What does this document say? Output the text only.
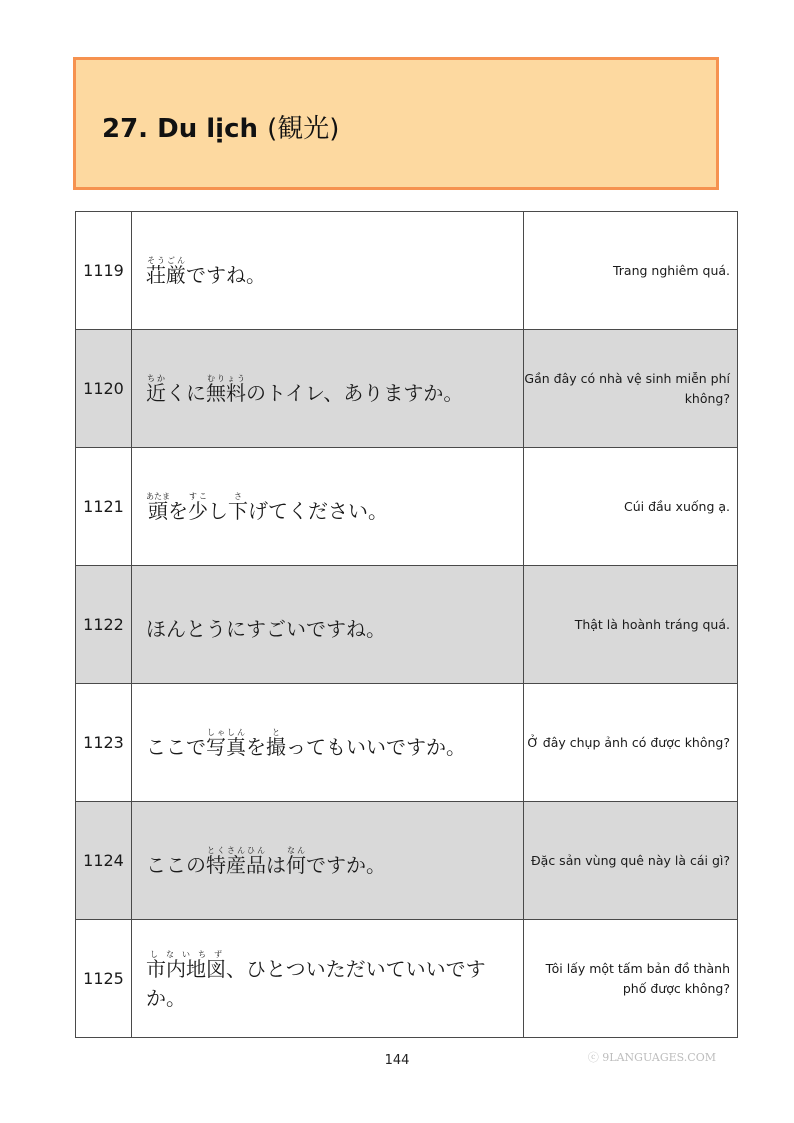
27. Du lịch (観光)
1119	荘厳そうごんですね。	Trang nghiêm quá.
1120	近ちかくに無料むりょうのトイレ、ありますか。	Gần đây có nhà vệ sinh miễn phí không?
1121	頭あたまを少すこし下さげてください。	Cúi đầu xuống ạ.
1122	ほんとうにすごいですね。	Thật là hoành tráng quá.
1123	ここで写真しゃしんを撮とってもいいですか。	Ở đây chụp ảnh có được không?
1124	ここの特産品とくさんひんは何なんですか。	Đặc sản vùng quê này là cái gì?
1125	市内地図しないちず、ひとついただいていいですか。	Tôi lấy một tấm bản đồ thành phố được không?
144	ⓒ 9LANGUAGES.COM
